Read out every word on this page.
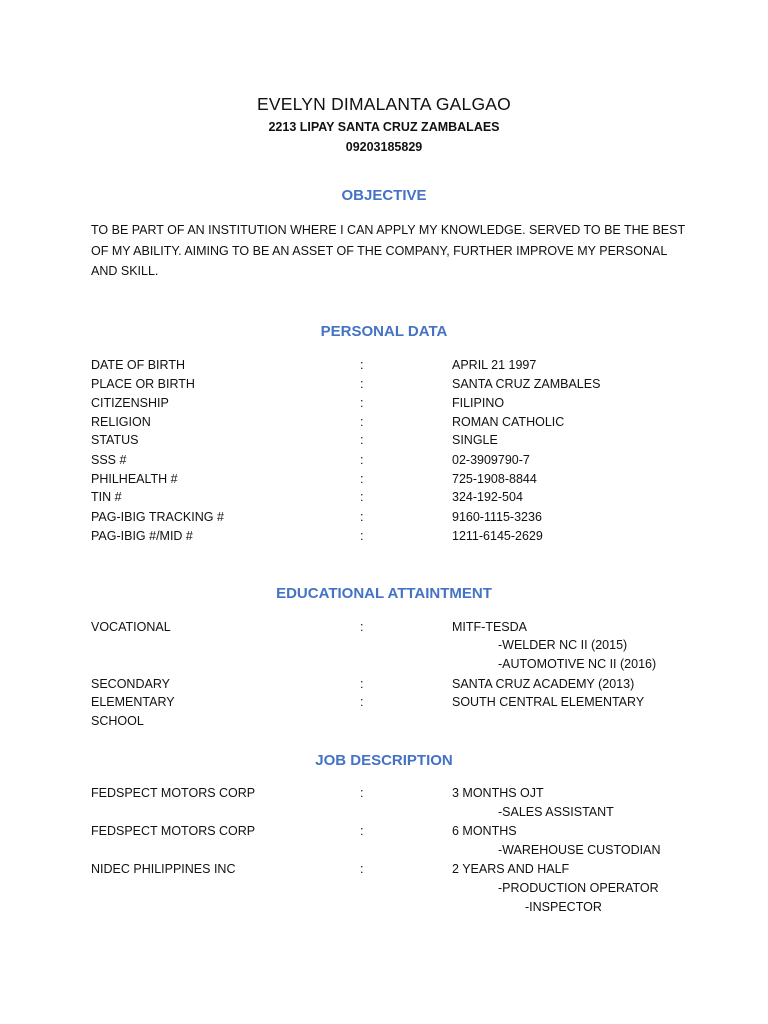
EVELYN DIMALANTA GALGAO
2213 LIPAY SANTA CRUZ ZAMBALAES
09203185829
OBJECTIVE
TO BE PART OF AN INSTITUTION WHERE I CAN APPLY MY KNOWLEDGE. SERVED TO BE THE BEST OF MY ABILITY. AIMING TO BE AN ASSET OF THE COMPANY, FURTHER IMPROVE MY PERSONAL AND SKILL.
PERSONAL DATA
DATE OF BIRTH	:	APRIL 21 1997
PLACE OR BIRTH	:	SANTA CRUZ ZAMBALES
CITIZENSHIP	:	FILIPINO
RELIGION	:	ROMAN CATHOLIC
STATUS	:	SINGLE
SSS #	:	02-3909790-7
PHILHEALTH #	:	725-1908-8844
TIN #	:	324-192-504
PAG-IBIG TRACKING #	:	9160-1115-3236
PAG-IBIG #/MID #	:	1211-6145-2629
EDUCATIONAL ATTAINTMENT
VOCATIONAL	:	MITF-TESDA
-WELDER NC II (2015)
-AUTOMOTIVE NC II (2016)
SECONDARY	:	SANTA CRUZ ACADEMY (2013)
ELEMENTARY	:	SOUTH CENTRAL ELEMENTARY
SCHOOL
JOB DESCRIPTION
FEDSPECT MOTORS CORP	:	3 MONTHS OJT
-SALES ASSISTANT
FEDSPECT MOTORS CORP	:	6 MONTHS
-WAREHOUSE CUSTODIAN
NIDEC PHILIPPINES INC	:	2 YEARS AND HALF
-PRODUCTION OPERATOR
-INSPECTOR
